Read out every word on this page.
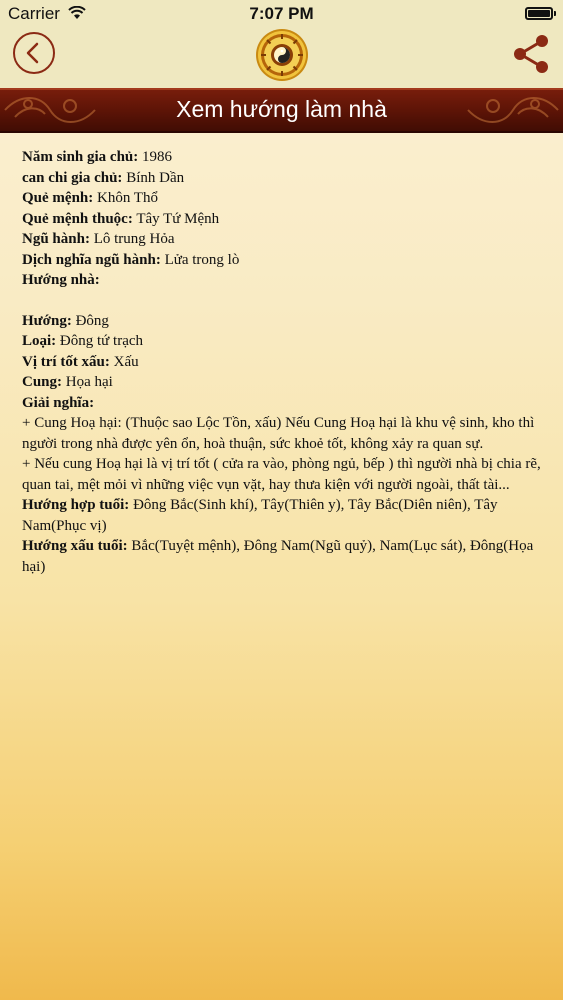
Carrier	7:07 PM
Xem hướng làm nhà

Năm sinh gia chủ: 1986

can chi gia chủ: Bính Dần

Quẻ mệnh: Khôn Thổ

Quẻ mệnh thuộc: Tây Tứ Mệnh

Ngũ hành: Lô trung Hỏa

Dịch nghĩa ngũ hành: Lửa trong lò

Hướng nhà:

Hướng: Đông

Loại: Đông tứ trạch

Vị trí tốt xấu: Xấu

Cung: Họa hại

Giải nghĩa:

+ Cung Hoạ hại: (Thuộc sao Lộc Tồn, xấu) Nếu Cung Hoạ hại là khu vệ sinh, kho thì người trong nhà được yên ổn, hoà thuận, sức khoẻ tốt, không xảy ra quan sự.

+ Nếu cung Hoạ hại là vị trí tốt ( cửa ra vào, phòng ngủ, bếp ) thì người nhà bị chia rẽ, quan tai, mệt mỏi vì những việc vụn vặt, hay thưa kiện với người ngoài, thất tài...

Hướng hợp tuổi: Đông Bắc(Sinh khí), Tây(Thiên y), Tây Bắc(Diên niên), Tây Nam(Phục vị)

Hướng xấu tuổi: Bắc(Tuyệt mệnh), Đông Nam(Ngũ quỷ), Nam(Lục sát), Đông(Họa hại)
